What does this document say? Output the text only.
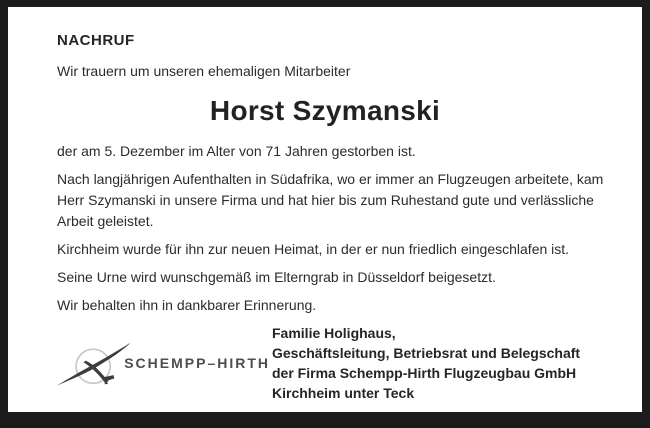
NACHRUF
Wir trauern um unseren ehemaligen Mitarbeiter
Horst Szymanski

der am 5. Dezember im Alter von 71 Jahren gestorben ist.

Nach langjährigen Aufenthalten in Südafrika, wo er immer an Flugzeugen arbeitete, kam Herr Szymanski in unsere Firma und hat hier bis zum Ruhestand gute und verlässliche Arbeit geleistet.

Kirchheim wurde für ihn zur neuen Heimat, in der er nun friedlich eingeschlafen ist.

Seine Urne wird wunschgemäß im Elterngrab in Düsseldorf beigesetzt.

Wir behalten ihn in dankbarer Erinnerung.

SCHEMPP–HIRTH
Familie Holighaus,
Geschäftsleitung, Betriebsrat und Belegschaft
der Firma Schempp-Hirth Flugzeugbau GmbH
Kirchheim unter Teck
